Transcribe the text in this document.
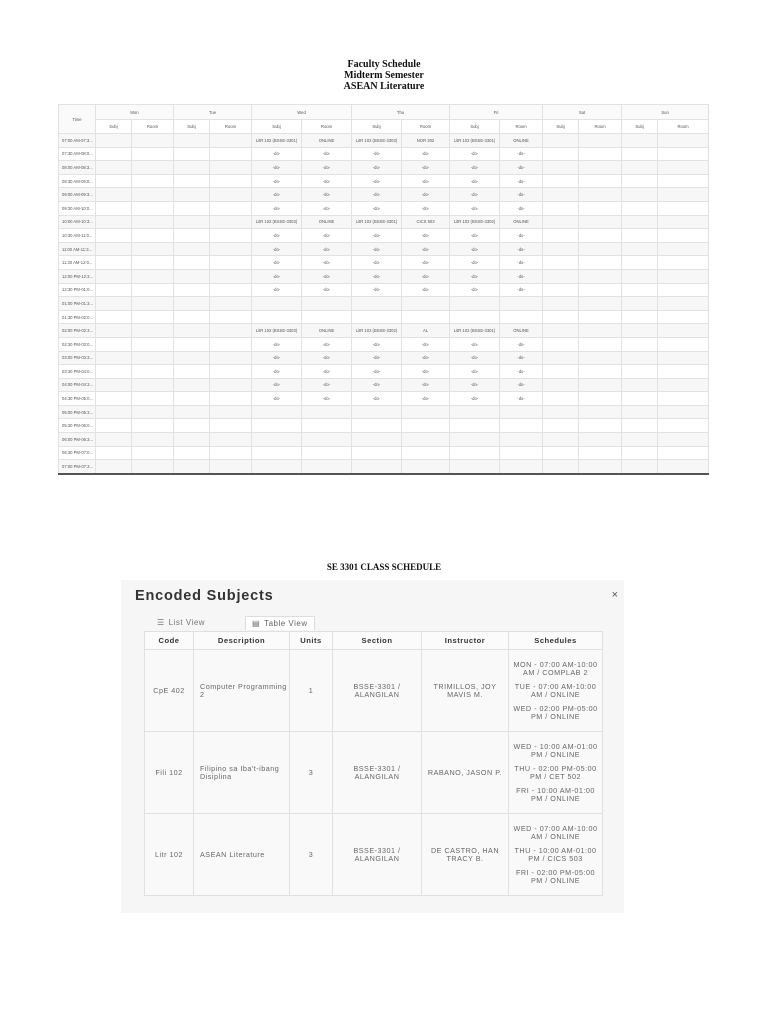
Faculty Schedule
Midterm Semester
ASEAN Literature
Time	Mon		Tue		Wed		Thu		Fri		Sat		Sun	
	Subj	Room	Subj	Room	Subj	Room	Subj	Room	Subj	Room	Subj	Room	Subj	Room
07:00 AM-07:3...					LitR 102 (BSSE-3301)	ONLINE	LitR 102 (BSSE-3303)	NOR 302	LitR 102 (BSSE-3301)	ONLINE				
07:30 AM-08:0...					-do-	-do-	-do-	-do-	-do-	-do-				
08:00 AM-08:3...					-do-	-do-	-do-	-do-	-do-	-do-				
08:30 AM-09:0...					-do-	-do-	-do-	-do-	-do-	-do-				
09:00 AM-09:3...					-do-	-do-	-do-	-do-	-do-	-do-				
09:30 AM-10:0...					-do-	-do-	-do-	-do-	-do-	-do-				
10:00 AM-10:3...					LitR 102 (BSSE-3303)	ONLINE	LitR 102 (BSSE-3301)	CICS 503	LitR 102 (BSSE-3302)	ONLINE				
10:30 AM-11:0...					-do-	-do-	-do-	-do-	-do-	-do-				
11:00 AM-11:3...					-do-	-do-	-do-	-do-	-do-	-do-				
11:30 AM-12:0...					-do-	-do-	-do-	-do-	-do-	-do-				
12:00 PM-12:3...					-do-	-do-	-do-	-do-	-do-	-do-				
12:30 PM-01:0...					-do-	-do-	-do-	-do-	-do-	-do-				
01:00 PM-01:3...														
01:30 PM-02:0...														
02:00 PM-02:3...					LitR 102 (BSSE-3303)	ONLINE	LitR 102 (BSSE-3302)	AL	LitR 102 (BSSE-3301)	ONLINE				
02:30 PM-03:0...					-do-	-do-	-do-	-do-	-do-	-do-				
03:00 PM-03:3...					-do-	-do-	-do-	-do-	-do-	-do-				
03:30 PM-04:0...					-do-	-do-	-do-	-do-	-do-	-do-				
04:00 PM-04:3...					-do-	-do-	-do-	-do-	-do-	-do-				
04:30 PM-05:0...					-do-	-do-	-do-	-do-	-do-	-do-				
05:00 PM-05:3...														
05:30 PM-06:0...														
06:00 PM-06:3...														
06:30 PM-07:0...														
07:00 PM-07:3...														
SE 3301 CLASS SCHEDULE
Encoded Subjects	×
☰ List View	▤ Table View
Code	Description	Units	Section	Instructor	Schedules
CpE 402	Computer Programming 2	1	BSSE-3301 / ALANGILAN	TRIMILLOS, JOY MAVIS M.	MON - 07:00 AM-10:00 AM / COMPLAB 2
TUE - 07:00 AM-10:00 AM / ONLINE
WED - 02:00 PM-05:00 PM / ONLINE

Fili 102	Filipino sa Iba't-ibang Disiplina	3	BSSE-3301 / ALANGILAN	RABANO, JASON P.	WED - 10:00 AM-01:00 PM / ONLINE
THU - 02:00 PM-05:00 PM / CET 502
FRI - 10:00 AM-01:00 PM / ONLINE

Litr 102	ASEAN Literature	3	BSSE-3301 / ALANGILAN	DE CASTRO, HAN TRACY B.	WED - 07:00 AM-10:00 AM / ONLINE
THU - 10:00 AM-01:00 PM / CICS 503
FRI - 02:00 PM-05:00 PM / ONLINE
